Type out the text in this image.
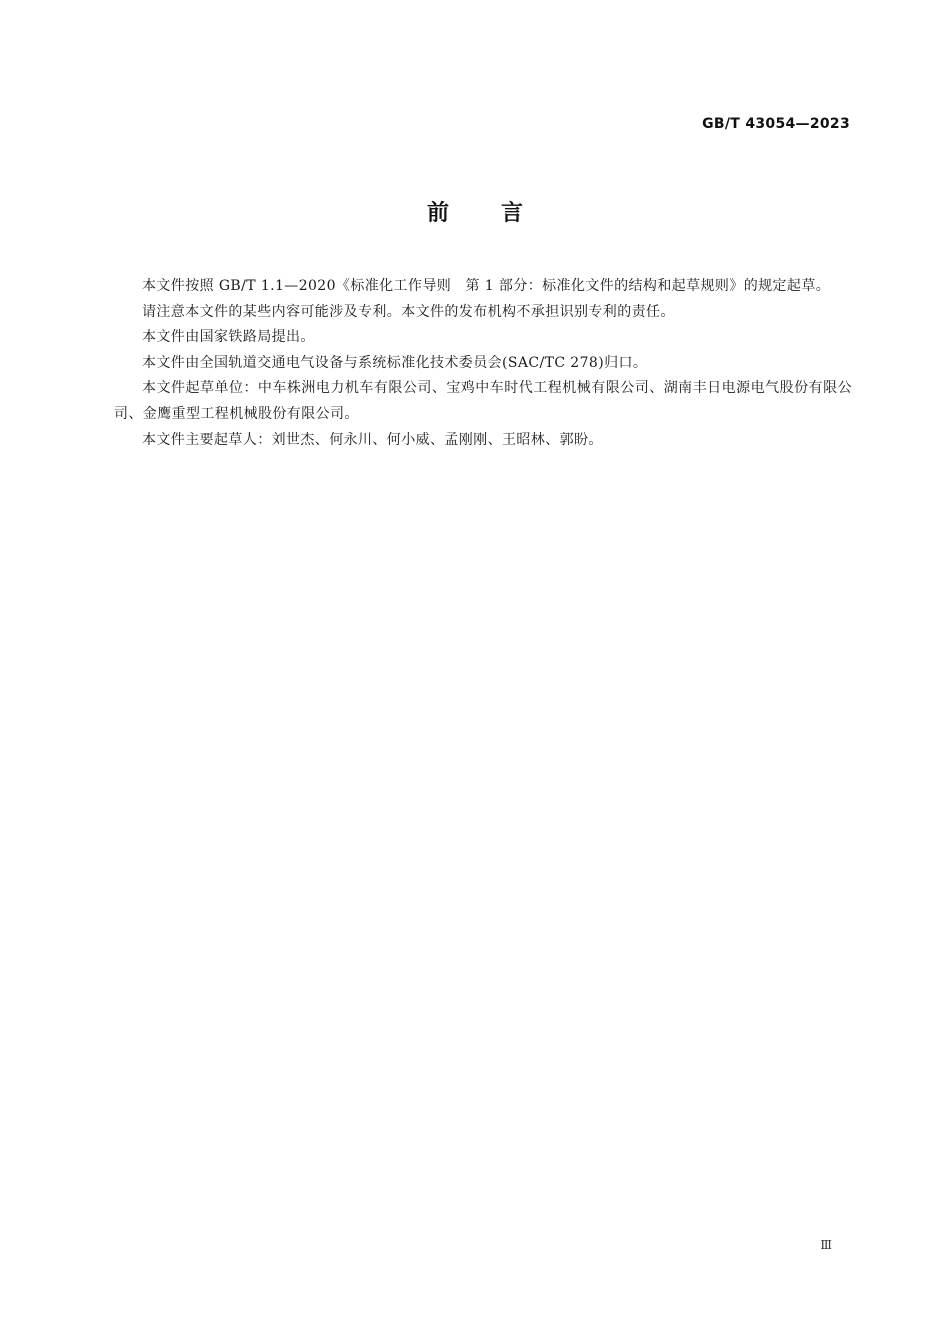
GB/T 43054—2023
前言

本文件按照 GB/T 1.1—2020《标准化工作导则　第 1 部分：标准化文件的结构和起草规则》的规定起草。

请注意本文件的某些内容可能涉及专利。本文件的发布机构不承担识别专利的责任。

本文件由国家铁路局提出。

本文件由全国轨道交通电气设备与系统标准化技术委员会(SAC/TC 278)归口。

本文件起草单位：中车株洲电力机车有限公司、宝鸡中车时代工程机械有限公司、湖南丰日电源电气股份有限公司、金鹰重型工程机械股份有限公司。

本文件主要起草人：刘世杰、何永川、何小威、孟刚刚、王昭林、郭盼。

Ⅲ
